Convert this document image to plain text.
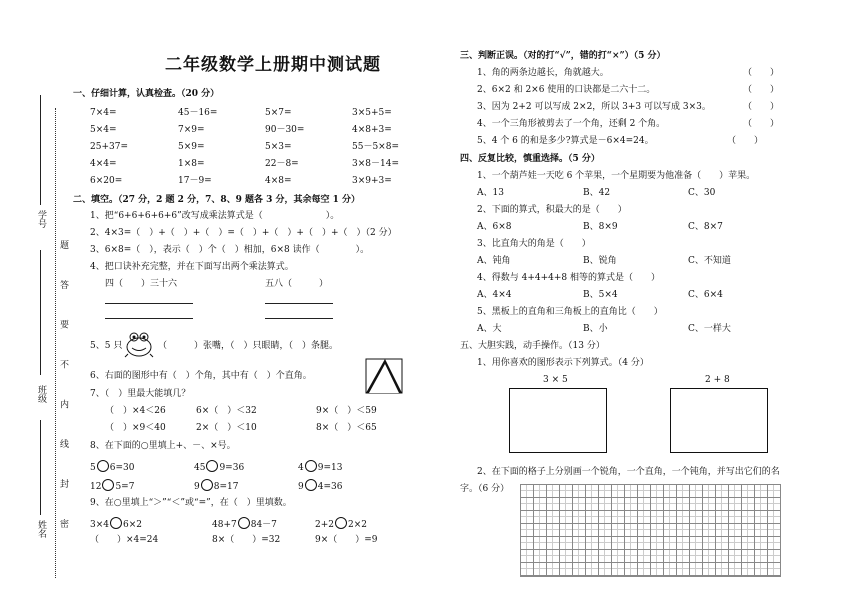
学号
题 答 要 不 内 线 封 密
班级
姓名
二年级数学上册期中测试题
一、仔细计算，认真检查。（20 分）
7×4=	45－16=	5×7=	3×5+5=
5×4=	7×9=	90－30=	4×8+3=
25+37=	5×9=	5×3=	55－5×8=
4×4=	1×8=	22－8=	3×8－14=
6×20=	17－9=	4×8=	3×9+3=
二、填空。（27 分，2 题 2 分，7、8、9 题各 3 分，其余每空 1 分）
1、把“6+6+6+6+6”改写成乘法算式是（　　　　　　　）。
2、4×3=（　）+（　）+（　）=（　）+（　）+（　）+（　）（2 分）
3、6×8=（　），表示（　）个（　）相加，6×8 读作（　　　　）。
4、把口诀补充完整，并在下面写出两个乘法算式。
四（　　）三十六	五八（　　　）
5、5 只	（　　　）张嘴，（　）只眼睛，（　）条腿。
6、右面的图形中有（　）个角，其中有（　）个直角。
7、（　）里最大能填几？
（　）×4＜26	6×（　）＜32	9×（　）＜59
（　）×9＜40	2×（　）＜10	8×（　）＜65
8、在下面的○里填上+、－、×号。
5 6=30	45 9=36	4 9=13
12 5=7	9 8=17	9 4=36
9、在○里填上“＞”“＜”或“=”，在（　）里填数。
3×4 6×2	48+7 84－7	2+2 2×2
（　　）×4=24	8×（　　）=32	9×（　　）=9
三、判断正误。（对的打“√”，错的打“×”）（5 分）
1、角的两条边越长，角就越大。	（　　）
2、6×2 和 2×6 使用的口诀都是二六十二。	（　　）
3、因为 2+2 可以写成 2×2，所以 3+3 可以写成 3×3。	（　　）
4、一个三角形被剪去了一个角，还剩 2 个角。	（　　）
5、4 个 6 的和是多少?算式是－6×4=24。	（　　）
四、反复比较，慎重选择。（5 分）
1、一个葫芦娃一天吃 6 个苹果，一个星期要为他准备（　　）苹果。
A、13	B、42	C、30
2、下面的算式，积最大的是（　　）
A、6×8	B、8×9	C、8×7
3、比直角大的角是（　　）
A、钝角	B、锐角	C、不知道
4、得数与 4+4+4+8 相等的算式是（　　）
A、4×4	B、5×4	C、6×4
5、黑板上的直角和三角板上的直角比（　　）
A、大	B、小	C、一样大
五、大胆实践，动手操作。（13 分）
1、用你喜欢的图形表示下列算式。（4 分）
3 × 5	2 + 8
2、在下面的格子上分别画一个锐角，一个直角，一个钝角，并写出它们的名
字。（6 分）
